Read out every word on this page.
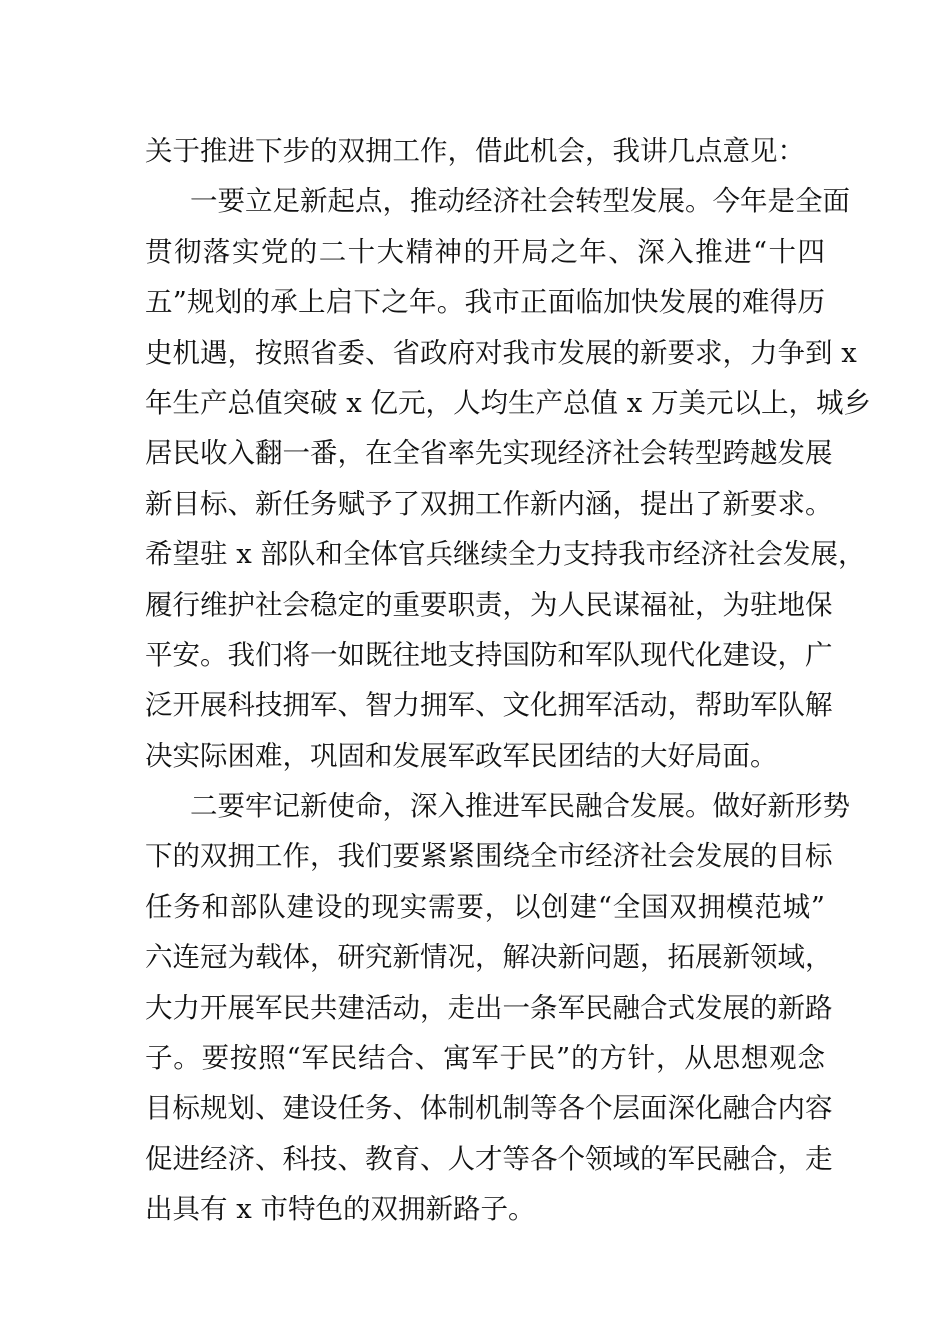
关于推进下步的双拥工作，借此机会，我讲几点意见：
一要立足新起点，推动经济社会转型发展。今年是全面
贯彻落实党的二十大精神的开局之年、深入推进“十四
五”规划的承上启下之年。我市正面临加快发展的难得历
史机遇，按照省委、省政府对我市发展的新要求，力争到 x
年生产总值突破 x 亿元，人均生产总值 x 万美元以上，城乡
居民收入翻一番，在全省率先实现经济社会转型跨越发展
新目标、新任务赋予了双拥工作新内涵，提出了新要求。
希望驻 x 部队和全体官兵继续全力支持我市经济社会发展，
履行维护社会稳定的重要职责，为人民谋福祉，为驻地保
平安。我们将一如既往地支持国防和军队现代化建设，广
泛开展科技拥军、智力拥军、文化拥军活动，帮助军队解
决实际困难，巩固和发展军政军民团结的大好局面。
二要牢记新使命，深入推进军民融合发展。做好新形势
下的双拥工作，我们要紧紧围绕全市经济社会发展的目标
任务和部队建设的现实需要，以创建“全国双拥模范城”
六连冠为载体，研究新情况，解决新问题，拓展新领域，
大力开展军民共建活动，走出一条军民融合式发展的新路
子。要按照“军民结合、寓军于民”的方针，从思想观念
目标规划、建设任务、体制机制等各个层面深化融合内容
促进经济、科技、教育、人才等各个领域的军民融合，走
出具有 x 市特色的双拥新路子。
